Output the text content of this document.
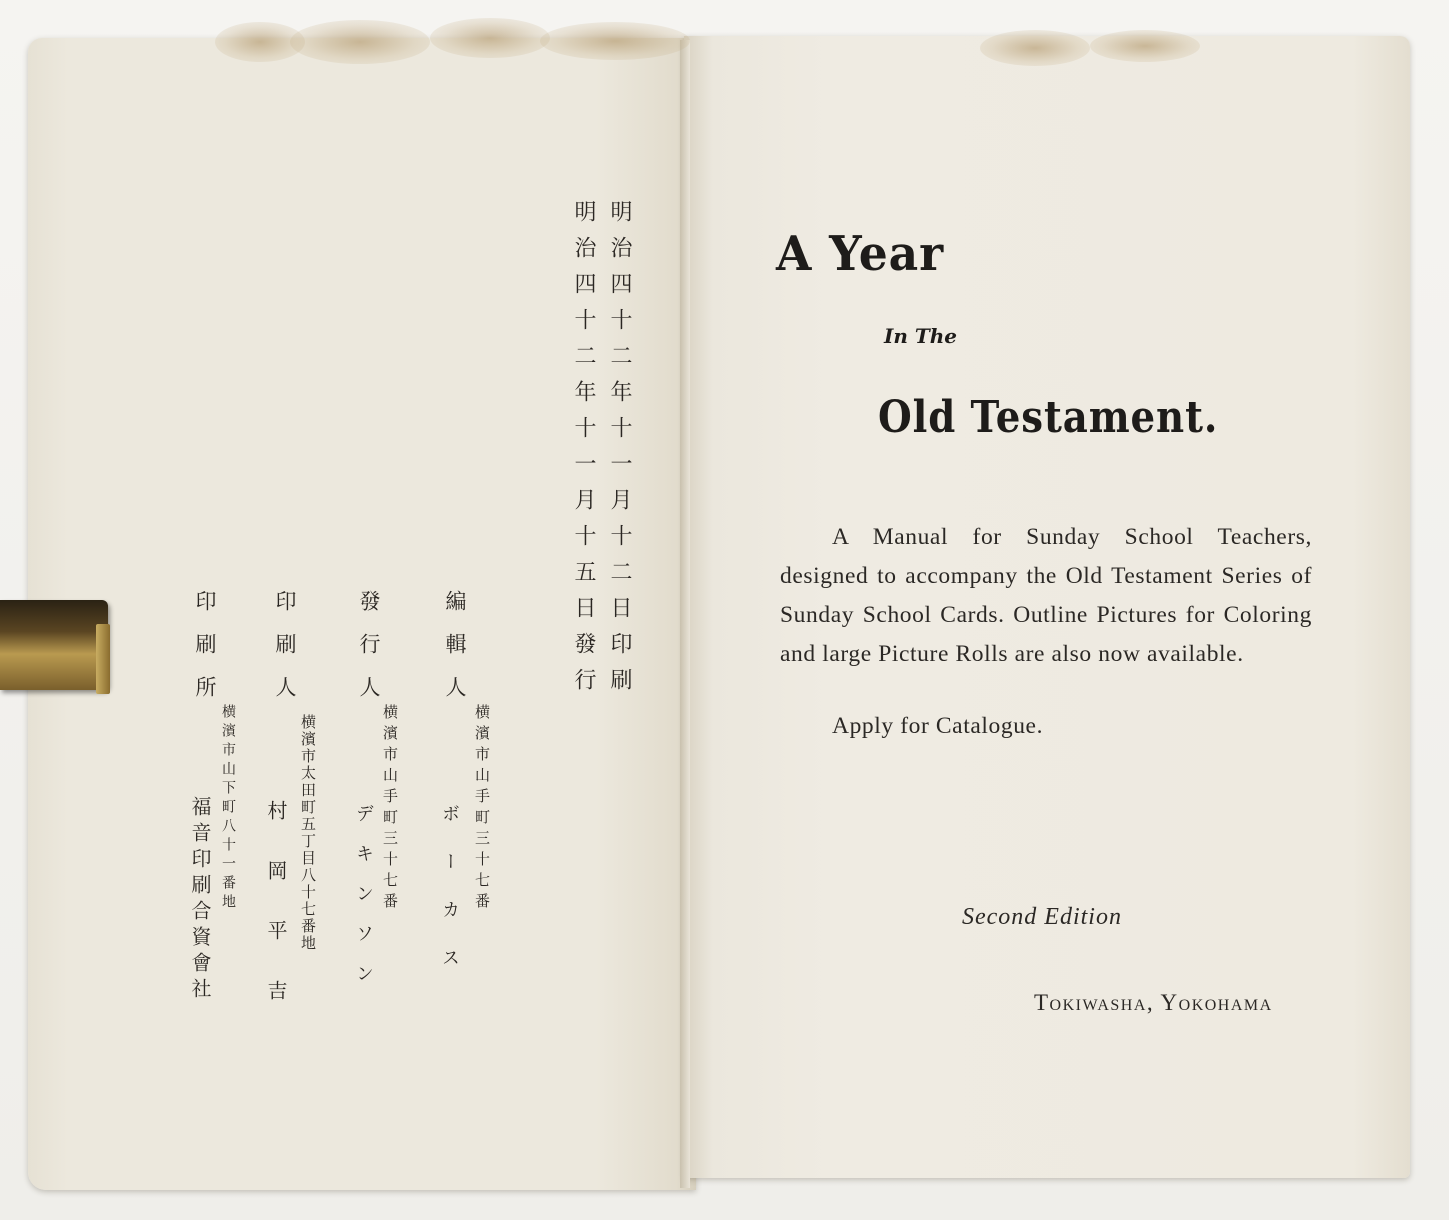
明治四十二年十一月十二日印刷
明治四十二年十一月十五日發行
編輯人
横濱市山手町三十七番
ボーカス
發行人
横濱市山手町三十七番
デキンソン
印刷人
横濱市太田町五丁目八十七番地
村岡平吉
印刷所
横濱市山下町八十一番地
福音印刷合資會社
A Year
In The
Old Testament.

A Manual for Sunday School Teachers, designed to accompany the Old Testament Series of Sunday School Cards. Outline Pictures for Coloring and large Picture Rolls are also now available.

Apply for Catalogue.
Second Edition
Tokiwasha, Yokohama
